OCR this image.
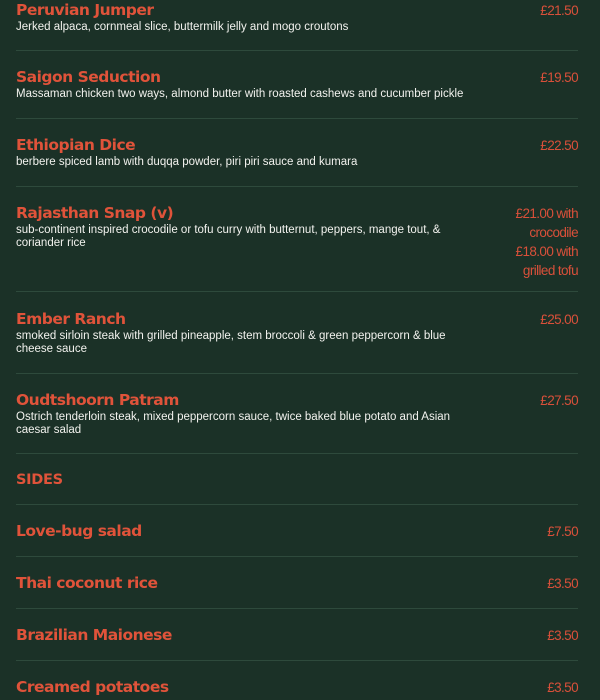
Peruvian Jumper
Jerked alpaca, cornmeal slice, buttermilk jelly and mogo croutons
£21.50
Saigon Seduction
Massaman chicken two ways, almond butter with roasted cashews and cucumber pickle
£19.50
Ethiopian Dice
berbere spiced lamb with duqqa powder, piri piri sauce and kumara
£22.50
Rajasthan Snap (v)
sub-continent inspired crocodile or tofu curry with butternut, peppers, mange tout, & coriander rice
£21.00 with
crocodile
£18.00 with
grilled tofu
Ember Ranch
smoked sirloin steak with grilled pineapple, stem broccoli & green peppercorn & blue cheese sauce
£25.00
Oudtshoorn Patram
Ostrich tenderloin steak, mixed peppercorn sauce, twice baked blue potato and Asian caesar salad
£27.50
SIDES
Love-bug salad	£7.50
Thai coconut rice	£3.50
Brazilian Maionese	£3.50
Creamed potatoes	£3.50
